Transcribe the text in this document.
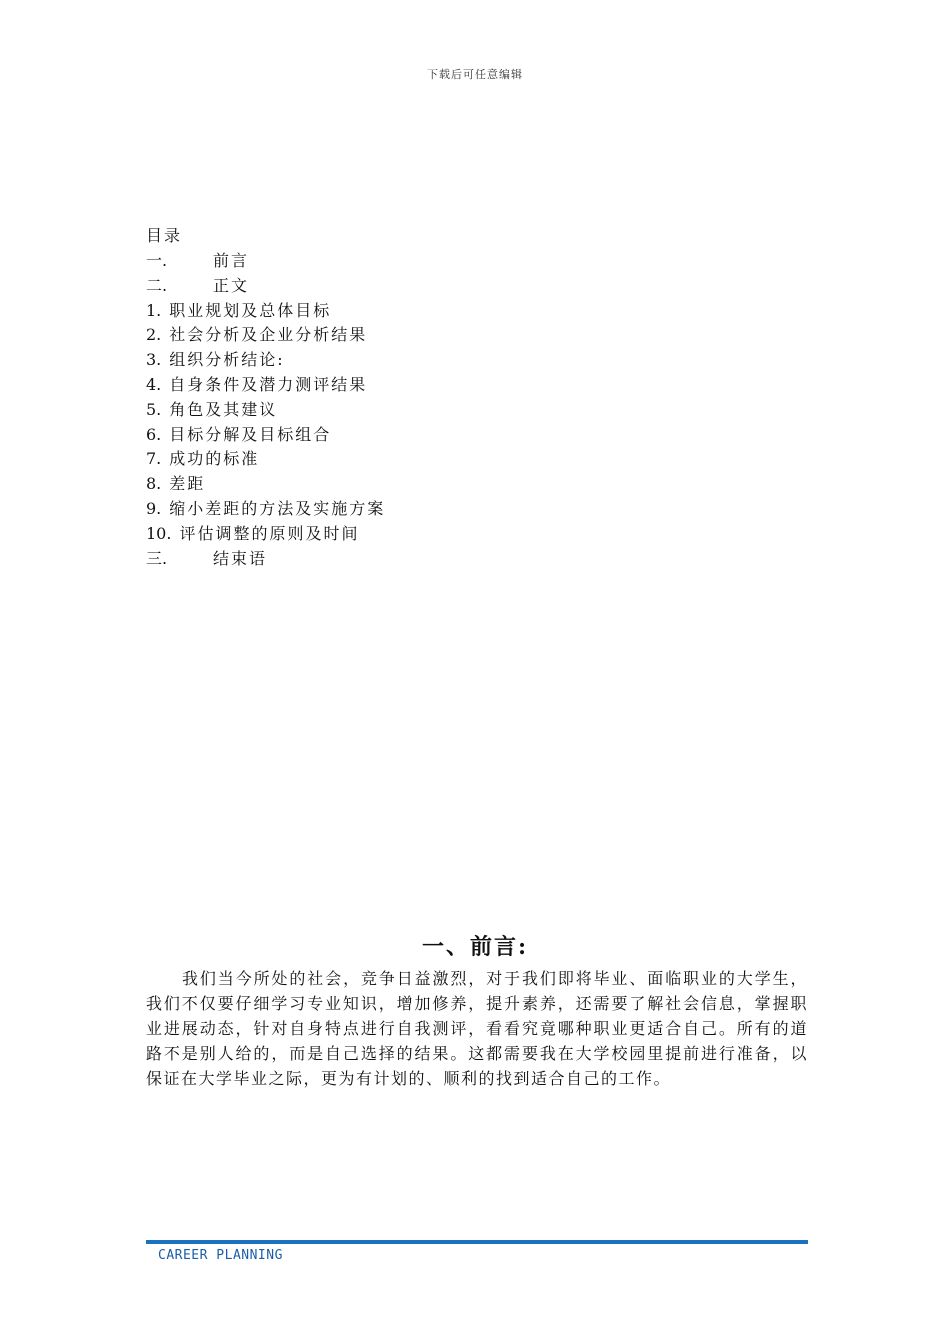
下载后可任意编辑
目录
一.	前言
二.	正文
1. 职业规划及总体目标
2. 社会分析及企业分析结果
3. 组织分析结论:
4. 自身条件及潜力测评结果
5. 角色及其建议
6. 目标分解及目标组合
7. 成功的标准
8. 差距
9. 缩小差距的方法及实施方案
10. 评估调整的原则及时间
三.	结束语
一、前言:

我们当今所处的社会，竞争日益激烈，对于我们即将毕业、面临职业的大学生，我们不仅要仔细学习专业知识，增加修养，提升素养，还需要了解社会信息，掌握职业进展动态，针对自身特点进行自我测评，看看究竟哪种职业更适合自己。所有的道路不是别人给的，而是自己选择的结果。这都需要我在大学校园里提前进行准备，以保证在大学毕业之际，更为有计划的、顺利的找到适合自己的工作。

CAREER PLANNING
